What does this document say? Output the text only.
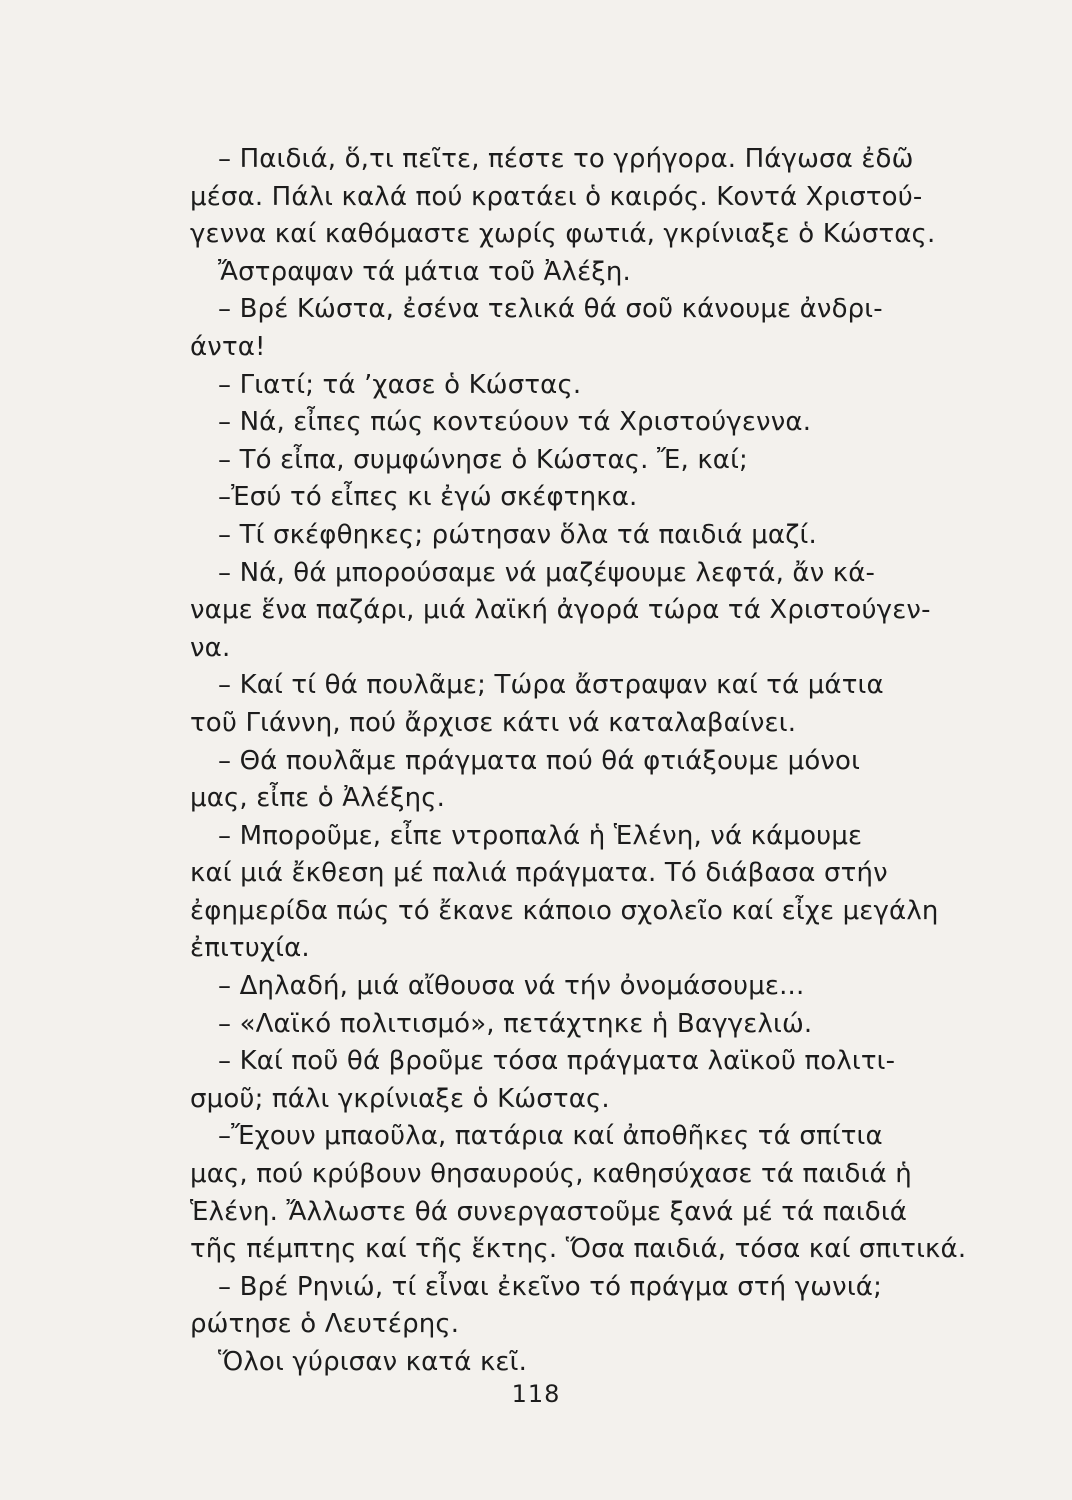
– Παιδιά, ὅ,τι πεῖτε, πέστε το γρήγορα. Πάγωσα ἐδῶ
μέσα. Πάλι καλά πού κρατάει ὁ καιρός. Κοντά Χριστού-
γεννα καί καθόμαστε χωρίς φωτιά, γκρίνιαξε ὁ Κώστας.
Ἄστραψαν τά μάτια τοῦ Ἀλέξη.
– Βρέ Κώστα, ἐσένα τελικά θά σοῦ κάνουμε ἀνδρι-
άντα!
– Γιατί; τά ’χασε ὁ Κώστας.
– Νά, εἶπες πώς κοντεύουν τά Χριστούγεννα.
– Τό εἶπα, συμφώνησε ὁ Κώστας. Ἔ, καί;
–Ἐσύ τό εἶπες κι ἐγώ σκέφτηκα.
– Τί σκέφθηκες; ρώτησαν ὅλα τά παιδιά μαζί.
– Νά, θά μπορούσαμε νά μαζέψουμε λεφτά, ἄν κά-
ναμε ἕνα παζάρι, μιά λαϊκή ἀγορά τώρα τά Χριστούγεν-
να.
– Καί τί θά πουλᾶμε; Τώρα ἄστραψαν καί τά μάτια
τοῦ Γιάννη, πού ἄρχισε κάτι νά καταλαβαίνει.
– Θά πουλᾶμε πράγματα πού θά φτιάξουμε μόνοι
μας, εἶπε ὁ Ἀλέξης.
– Μποροῦμε, εἶπε ντροπαλά ἡ Ἑλένη, νά κάμουμε
καί μιά ἔκθεση μέ παλιά πράγματα. Τό διάβασα στήν
ἐφημερίδα πώς τό ἔκανε κάποιο σχολεῖο καί εἶχε μεγάλη
ἐπιτυχία.
– Δηλαδή, μιά αἴθουσα νά τήν ὀνομάσουμε...
– «Λαϊκό πολιτισμό», πετάχτηκε ἡ Βαγγελιώ.
– Καί ποῦ θά βροῦμε τόσα πράγματα λαϊκοῦ πολιτι-
σμοῦ; πάλι γκρίνιαξε ὁ Κώστας.
–Ἔχουν μπαοῦλα, πατάρια καί ἀποθῆκες τά σπίτια
μας, πού κρύβουν θησαυρούς, καθησύχασε τά παιδιά ἡ
Ἑλένη. Ἄλλωστε θά συνεργαστοῦμε ξανά μέ τά παιδιά
τῆς πέμπτης καί τῆς ἕκτης. Ὅσα παιδιά, τόσα καί σπιτικά.
– Βρέ Ρηνιώ, τί εἶναι ἐκεῖνο τό πράγμα στή γωνιά;
ρώτησε ὁ Λευτέρης.
Ὅλοι γύρισαν κατά κεῖ.
118
